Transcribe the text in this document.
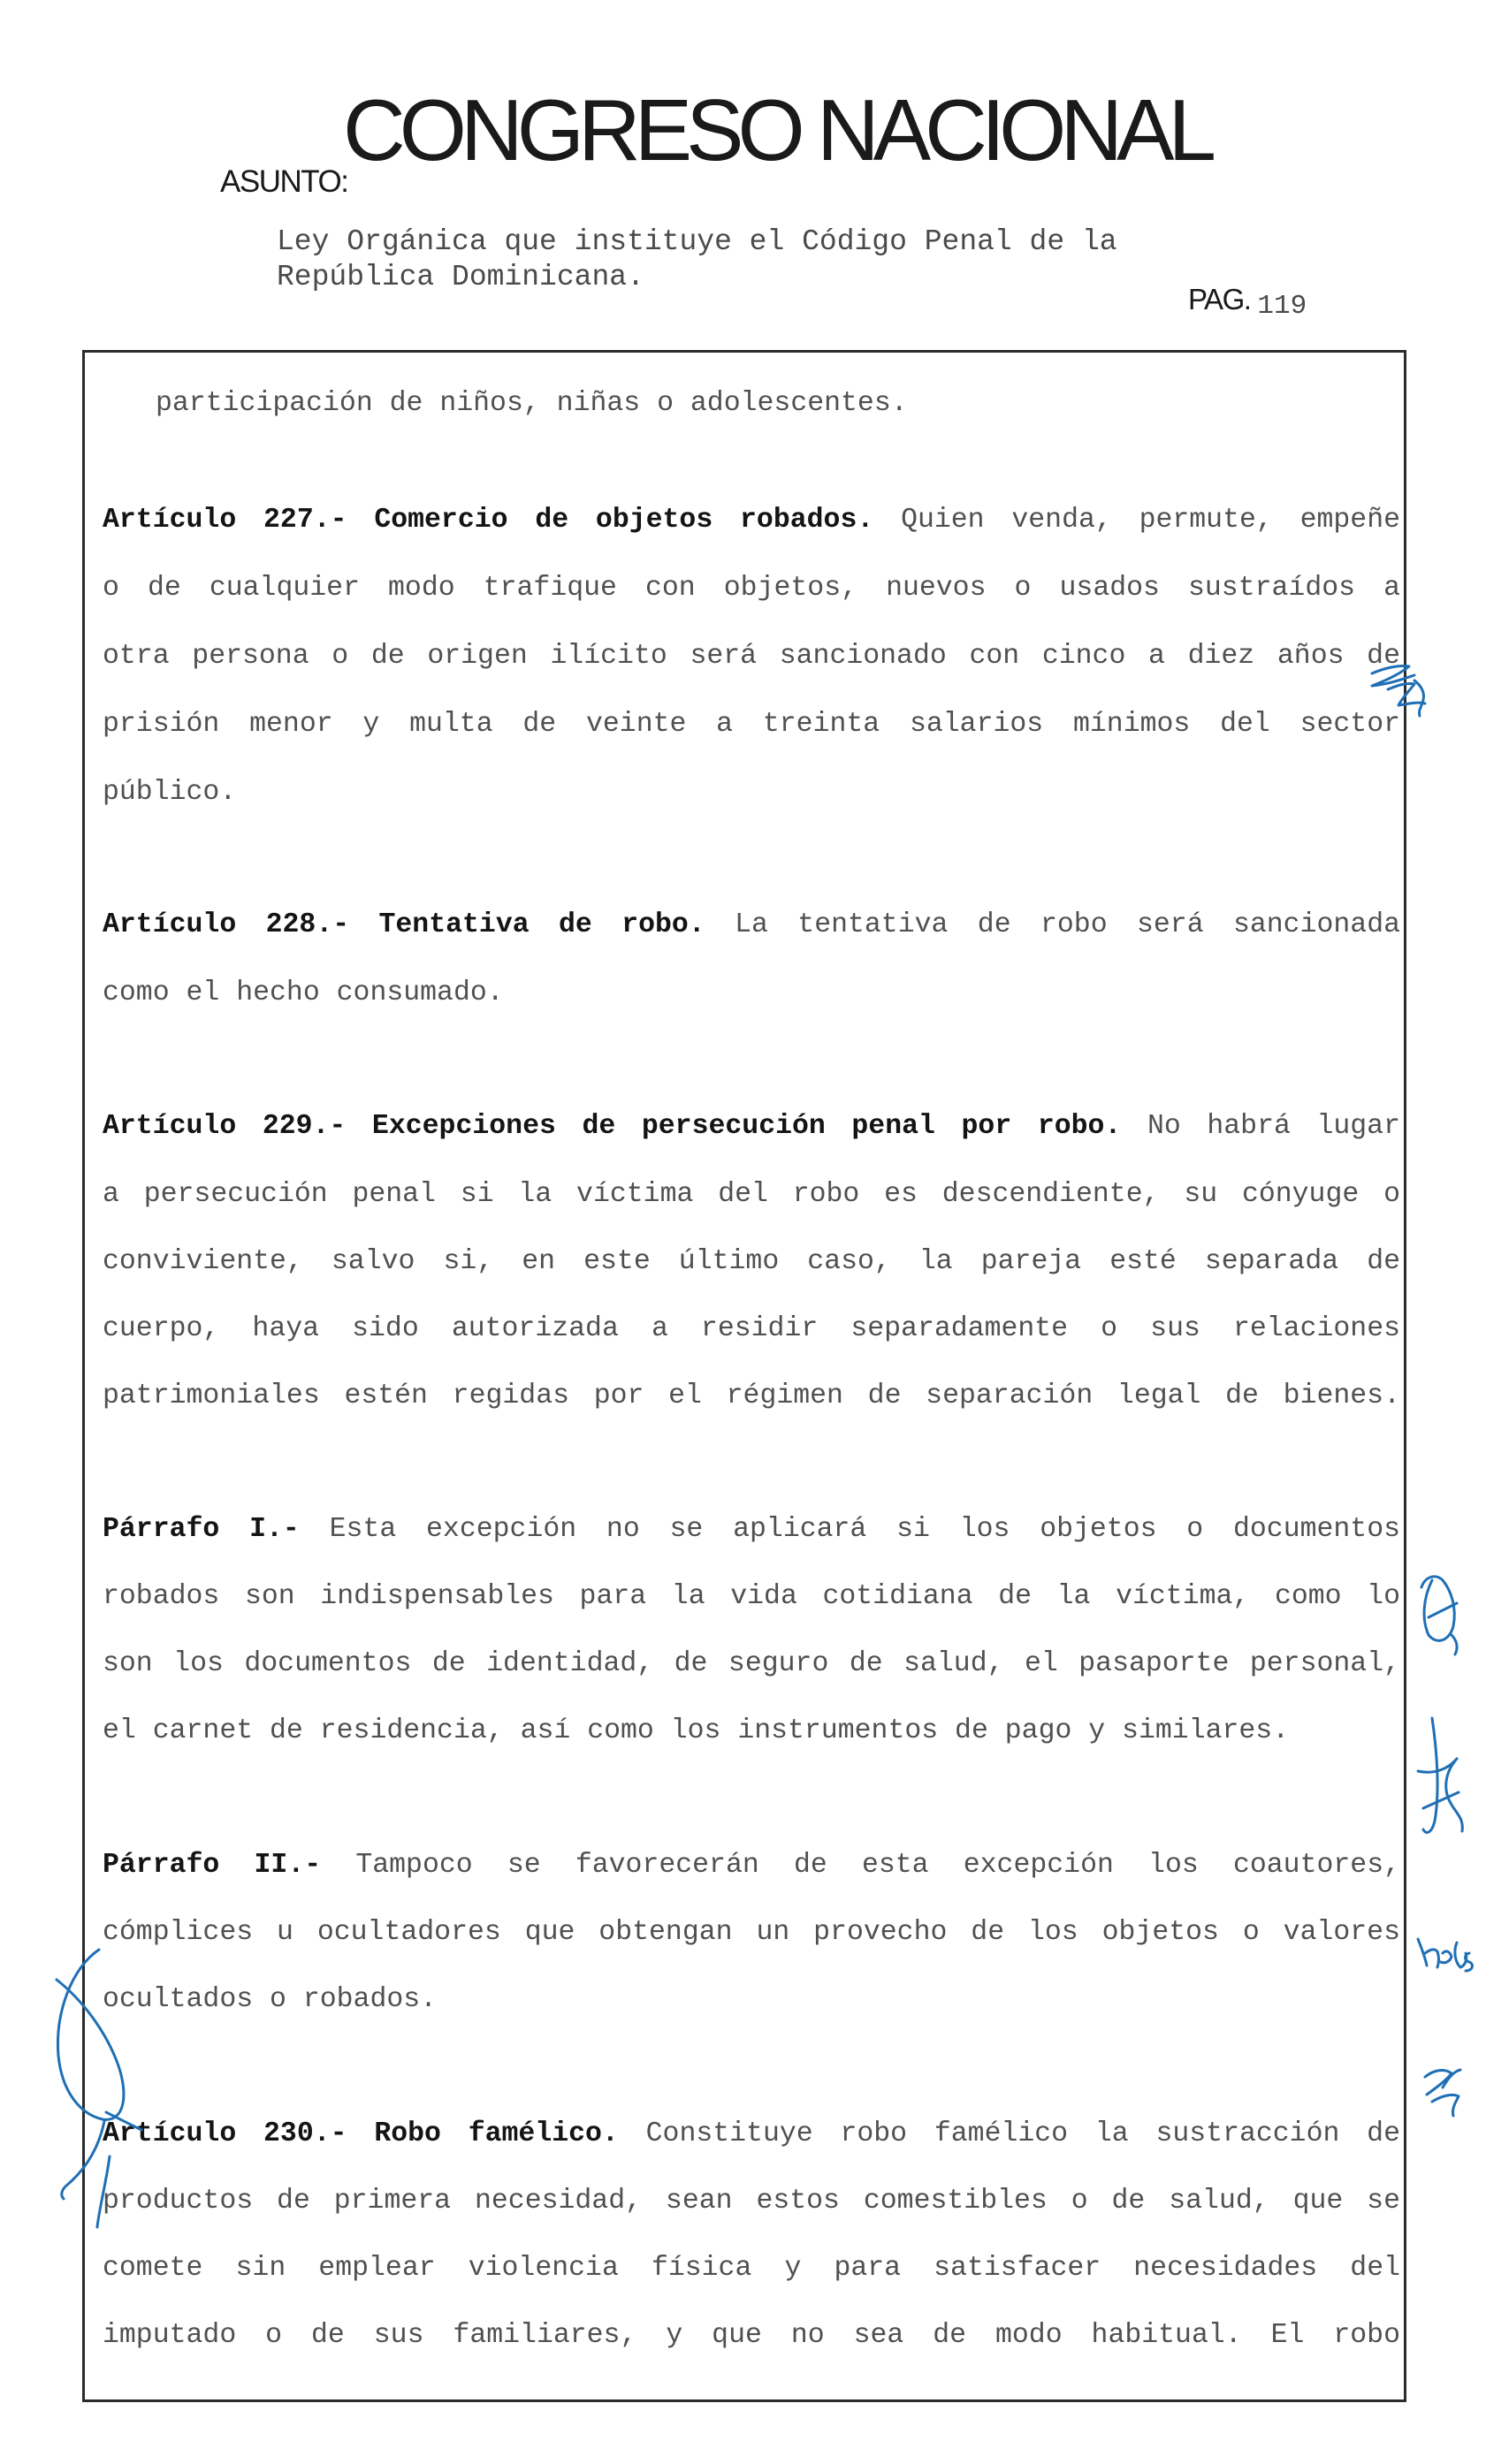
CONGRESO NACIONAL
ASUNTO:
Ley Orgánica que instituye el Código Penal de la
República Dominicana.
PAG. 119
participación de niños, niñas o adolescentes.
Artículo 227.- Comercio de objetos robados. Quien venda, permute, empeñe
o de cualquier modo trafique con objetos, nuevos o usados sustraídos a
otra persona o de origen ilícito será sancionado con cinco a diez años de
prisión menor y multa de veinte a treinta salarios mínimos del sector
público.
Artículo 228.- Tentativa de robo. La tentativa de robo será sancionada
como el hecho consumado.
Artículo 229.- Excepciones de persecución penal por robo. No habrá lugar
a persecución penal si la víctima del robo es descendiente, su cónyuge o
conviviente, salvo si, en este último caso, la pareja esté separada de
cuerpo, haya sido autorizada a residir separadamente o sus relaciones
patrimoniales estén regidas por el régimen de separación legal de bienes.
Párrafo I.- Esta excepción no se aplicará si los objetos o documentos
robados son indispensables para la vida cotidiana de la víctima, como lo
son los documentos de identidad, de seguro de salud, el pasaporte personal,
el carnet de residencia, así como los instrumentos de pago y similares.
Párrafo II.- Tampoco se favorecerán de esta excepción los coautores,
cómplices u ocultadores que obtengan un provecho de los objetos o valores
ocultados o robados.
Artículo 230.- Robo famélico. Constituye robo famélico la sustracción de
productos de primera necesidad, sean estos comestibles o de salud, que se
comete sin emplear violencia física y para satisfacer necesidades del
imputado o de sus familiares, y que no sea de modo habitual. El robo
